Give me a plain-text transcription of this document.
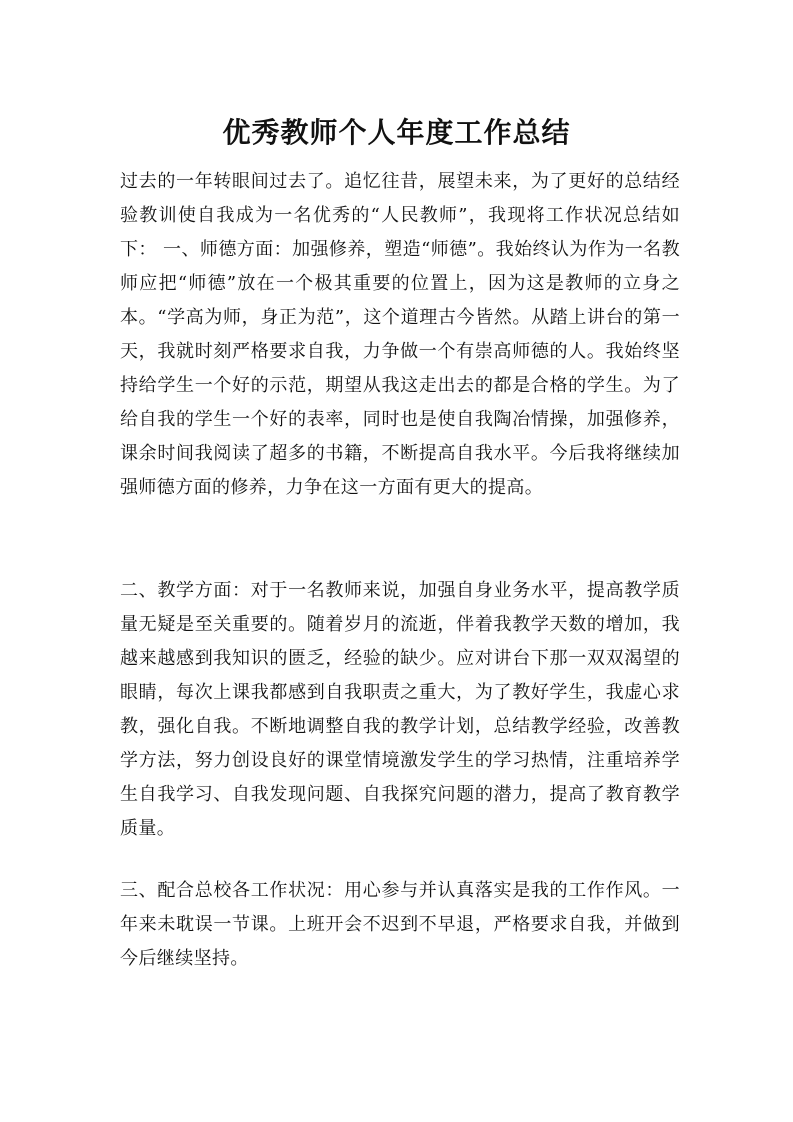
优秀教师个人年度工作总结

过去的一年转眼间过去了。追忆往昔，展望未来，为了更好的总结经验教训使自我成为一名优秀的“人民教师”，我现将工作状况总结如下： 一、师德方面：加强修养，塑造“师德”。我始终认为作为一名教师应把“师德”放在一个极其重要的位置上，因为这是教师的立身之本。“学高为师，身正为范”，这个道理古今皆然。从踏上讲台的第一天，我就时刻严格要求自我，力争做一个有崇高师德的人。我始终坚持给学生一个好的示范，期望从我这走出去的都是合格的学生。为了给自我的学生一个好的表率，同时也是使自我陶冶情操，加强修养，课余时间我阅读了超多的书籍，不断提高自我水平。今后我将继续加强师德方面的修养，力争在这一方面有更大的提高。

二、教学方面：对于一名教师来说，加强自身业务水平，提高教学质量无疑是至关重要的。随着岁月的流逝，伴着我教学天数的增加，我越来越感到我知识的匮乏，经验的缺少。应对讲台下那一双双渴望的眼睛，每次上课我都感到自我职责之重大，为了教好学生，我虚心求教，强化自我。不断地调整自我的教学计划，总结教学经验，改善教学方法，努力创设良好的课堂情境激发学生的学习热情，注重培养学生自我学习、自我发现问题、自我探究问题的潜力，提高了教育教学质量。

三、配合总校各工作状况：用心参与并认真落实是我的工作作风。一年来未耽误一节课。上班开会不迟到不早退，严格要求自我，并做到今后继续坚持。
